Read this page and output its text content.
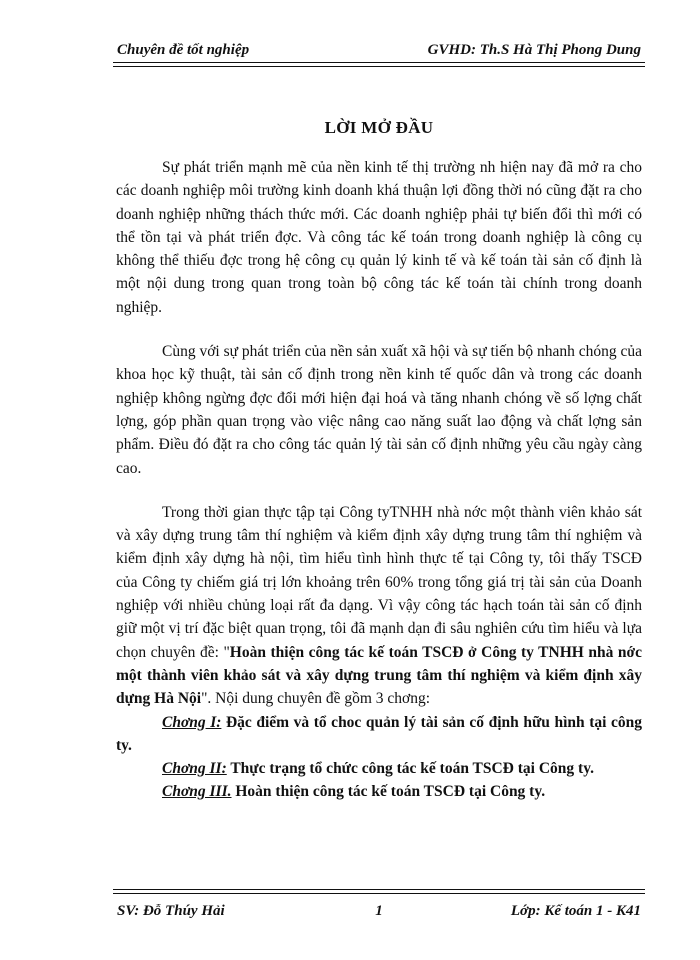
Chuyên đề tốt nghiệp	GVHD: Th.S Hà Thị Phong Dung
LỜI MỞ ĐẦU

Sự phát triển mạnh mẽ của nền kinh tế thị trường nh hiện nay đã mở ra cho các doanh nghiệp môi trường kinh doanh khá thuận lợi đồng thời nó cũng đặt ra cho doanh nghiệp những thách thức mới. Các doanh nghiệp phải tự biến đổi thì mới có thể tồn tại và phát triển đợc. Và công tác kế toán trong doanh nghiệp là công cụ không thể thiếu đợc trong hệ công cụ quản lý kinh tế và kế toán tài sản cố định là một nội dung trong quan trong toàn bộ công tác kế toán tài chính trong doanh nghiệp.

Cùng với sự phát triển của nền sản xuất xã hội và sự tiến bộ nhanh chóng của khoa học kỹ thuật, tài sản cố định trong nền kinh tế quốc dân và trong các doanh nghiệp không ngừng đợc đổi mới hiện đại hoá và tăng nhanh chóng về số lợng chất lợng, góp phần quan trọng vào việc nâng cao năng suất lao động và chất lợng sản phẩm. Điều đó đặt ra cho công tác quản lý tài sản cố định những yêu cầu ngày càng cao.

Trong thời gian thực tập tại Công tyTNHH nhà nớc một thành viên khảo sát và xây dựng trung tâm thí nghiệm và kiểm định xây dựng trung tâm thí nghiệm và kiểm định xây dựng hà nội, tìm hiểu tình hình thực tế tại Công ty, tôi thấy TSCĐ của Công ty chiếm giá trị lớn khoảng trên 60% trong tổng giá trị tài sản của Doanh nghiệp với nhiều chủng loại rất đa dạng. Vì vậy công tác hạch toán tài sản cố định giữ một vị trí đặc biệt quan trọng, tôi đã mạnh dạn đi sâu nghiên cứu tìm hiểu và lựa chọn chuyên đề: "Hoàn thiện công tác kế toán TSCĐ ở Công ty TNHH nhà nớc một thành viên khảo sát và xây dựng trung tâm thí nghiệm và kiểm định xây dựng Hà Nội". Nội dung chuyên đề gồm 3 chơng:

Chơng I: Đặc điểm và tổ choc quản lý tài sản cố định hữu hình tại công ty.

Chơng II: Thực trạng tổ chức công tác kế toán TSCĐ tại Công ty.

Chơng III. Hoàn thiện công tác kế toán TSCĐ tại Công ty.

SV: Đỗ Thúy Hải	1	Lớp: Kế toán 1 - K41
